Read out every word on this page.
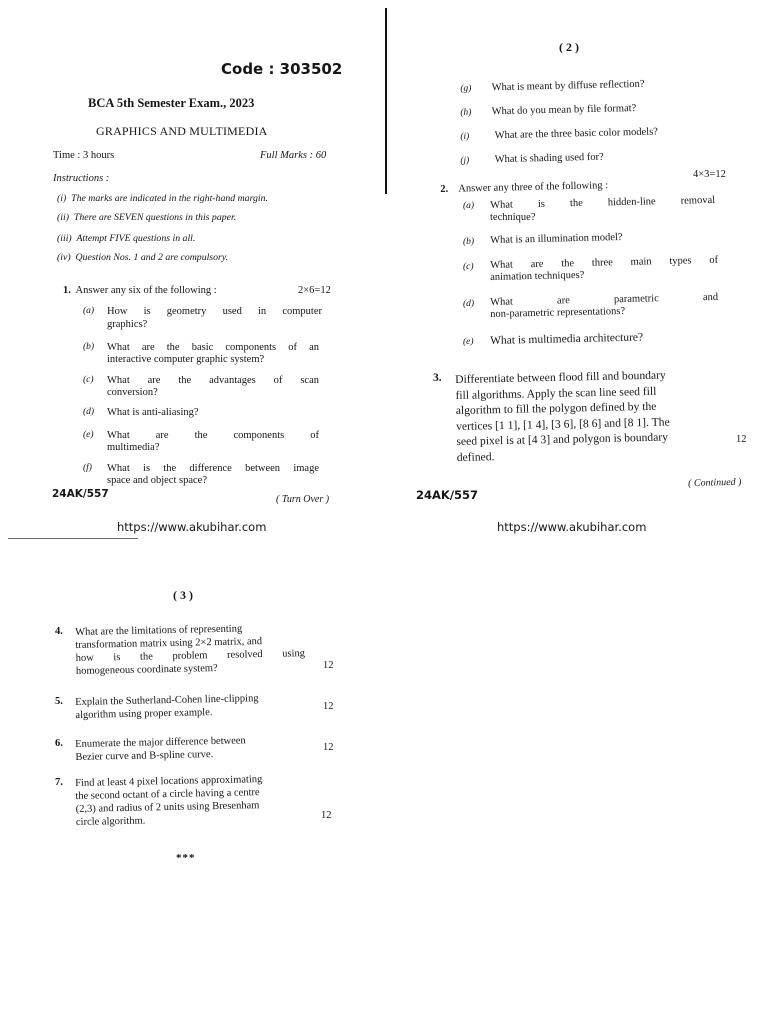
Code : 303502
BCA 5th Semester Exam., 2023
GRAPHICS AND MULTIMEDIA
Time : 3 hours	Full Marks : 60
Instructions :
(i) The marks are indicated in the right-hand margin.
(ii) There are SEVEN questions in this paper.
(iii) Attempt FIVE questions in all.
(iv) Question Nos. 1 and 2 are compulsory.
1. Answer any six of the following :	2×6=12
(a) How is geometry used in computer
graphics?
(b) What are the basic components of an
interactive computer graphic system?
(c) What are the advantages of scan
conversion?
(d) What is anti-aliasing?
(e) What are the components of
multimedia?
(f) What is the difference between image
space and object space?
24AK/557	( Turn Over )
https://www.akubihar.com
( 2 )
(g) What is meant by diffuse reflection?
(h) What do you mean by file format?
(i) What are the three basic color models?
(j) What is shading used for?
2. Answer any three of the following :
4×3=12
(a) What is the hidden-line removal
technique?
(b) What is an illumination model?
(c) What are the three main types of
animation techniques?
(d) What are parametric and
non-parametric representations?
(e) What is multimedia architecture?
3. Differentiate between flood fill and boundary
fill algorithms. Apply the scan line seed fill
algorithm to fill the polygon defined by the
vertices [1 1], [1 4], [3 6], [8 6] and [8 1]. The
seed pixel is at [4 3] and polygon is boundary
defined.
12
( Continued )
24AK/557
https://www.akubihar.com
( 3 )
4. What are the limitations of representing
transformation matrix using 2×2 matrix, and
how is the problem resolved using
homogeneous coordinate system?	12
5. Explain the Sutherland-Cohen line-clipping
algorithm using proper example.
12
6. Enumerate the major difference between
Bezier curve and B-spline curve.
12
7. Find at least 4 pixel locations approximating
the second octant of a circle having a centre
(2,3) and radius of 2 units using Bresenham
circle algorithm.
12
***
